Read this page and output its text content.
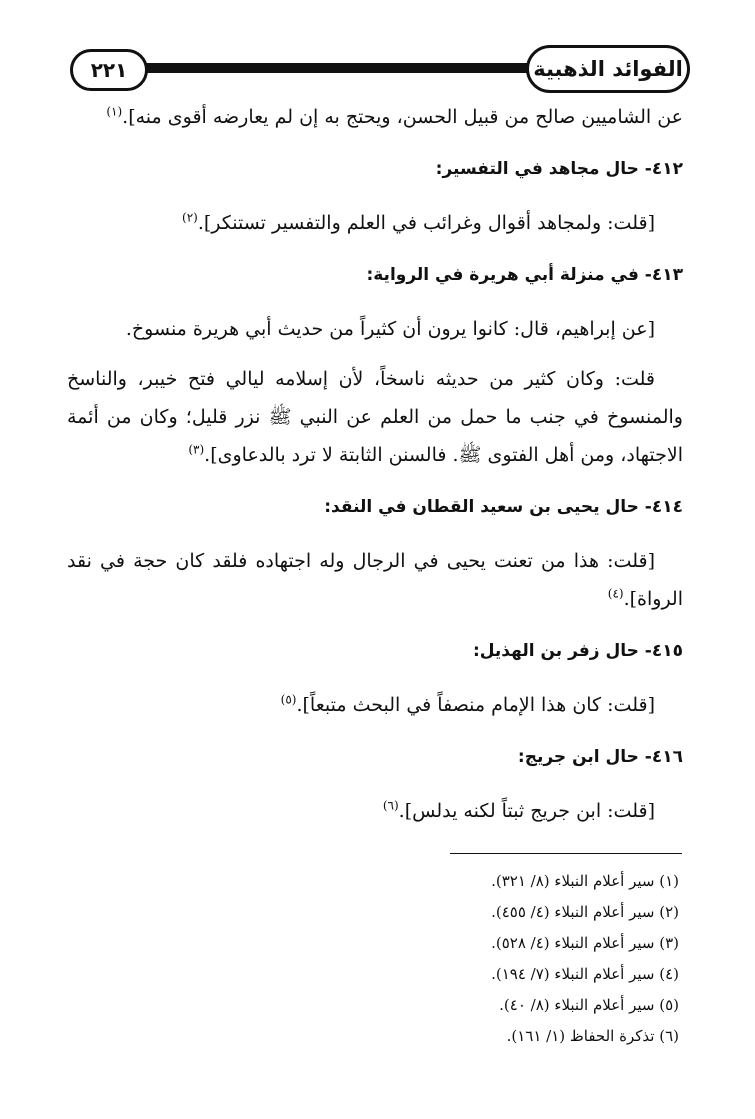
الفوائد الذهبية
٢٢١

عن الشاميين صالح من قبيل الحسن، ويحتج به إن لم يعارضه أقوى منه].$^{(١)}$

٤١٢- حال مجاهد في التفسير:

[قلت: ولمجاهد أقوال وغرائب في العلم والتفسير تستنكر].$^{(٢)}$

٤١٣- في منزلة أبي هريرة في الرواية:

[عن إبراهيم، قال: كانوا يرون أن كثيراً من حديث أبي هريرة منسوخ.

قلت: وكان كثير من حديثه ناسخاً، لأن إسلامه ليالي فتح خيبر، والناسخ والمنسوخ في جنب ما حمل من العلم عن النبي ﷺ نزر قليل؛ وكان من أئمة الاجتهاد، ومن أهل الفتوى ﷺ. فالسنن الثابتة لا ترد بالدعاوى].$^{(٣)}$

٤١٤- حال يحيى بن سعيد القطان في النقد:

[قلت: هذا من تعنت يحيى في الرجال وله اجتهاده فلقد كان حجة في نقد الرواة].$^{(٤)}$

٤١٥- حال زفر بن الهذيل:

[قلت: كان هذا الإمام منصفاً في البحث متبعاً].$^{(٥)}$

٤١٦- حال ابن جريج:

[قلت: ابن جريج ثبتاً لكنه يدلس].$^{(٦)}$

(١) سير أعلام النبلاء (٨/ ٣٢١).
(٢) سير أعلام النبلاء (٤/ ٤٥٥).
(٣) سير أعلام النبلاء (٤/ ٥٢٨).
(٤) سير أعلام النبلاء (٧/ ١٩٤).
(٥) سير أعلام النبلاء (٨/ ٤٠).
(٦) تذكرة الحفاظ (١/ ١٦١).
